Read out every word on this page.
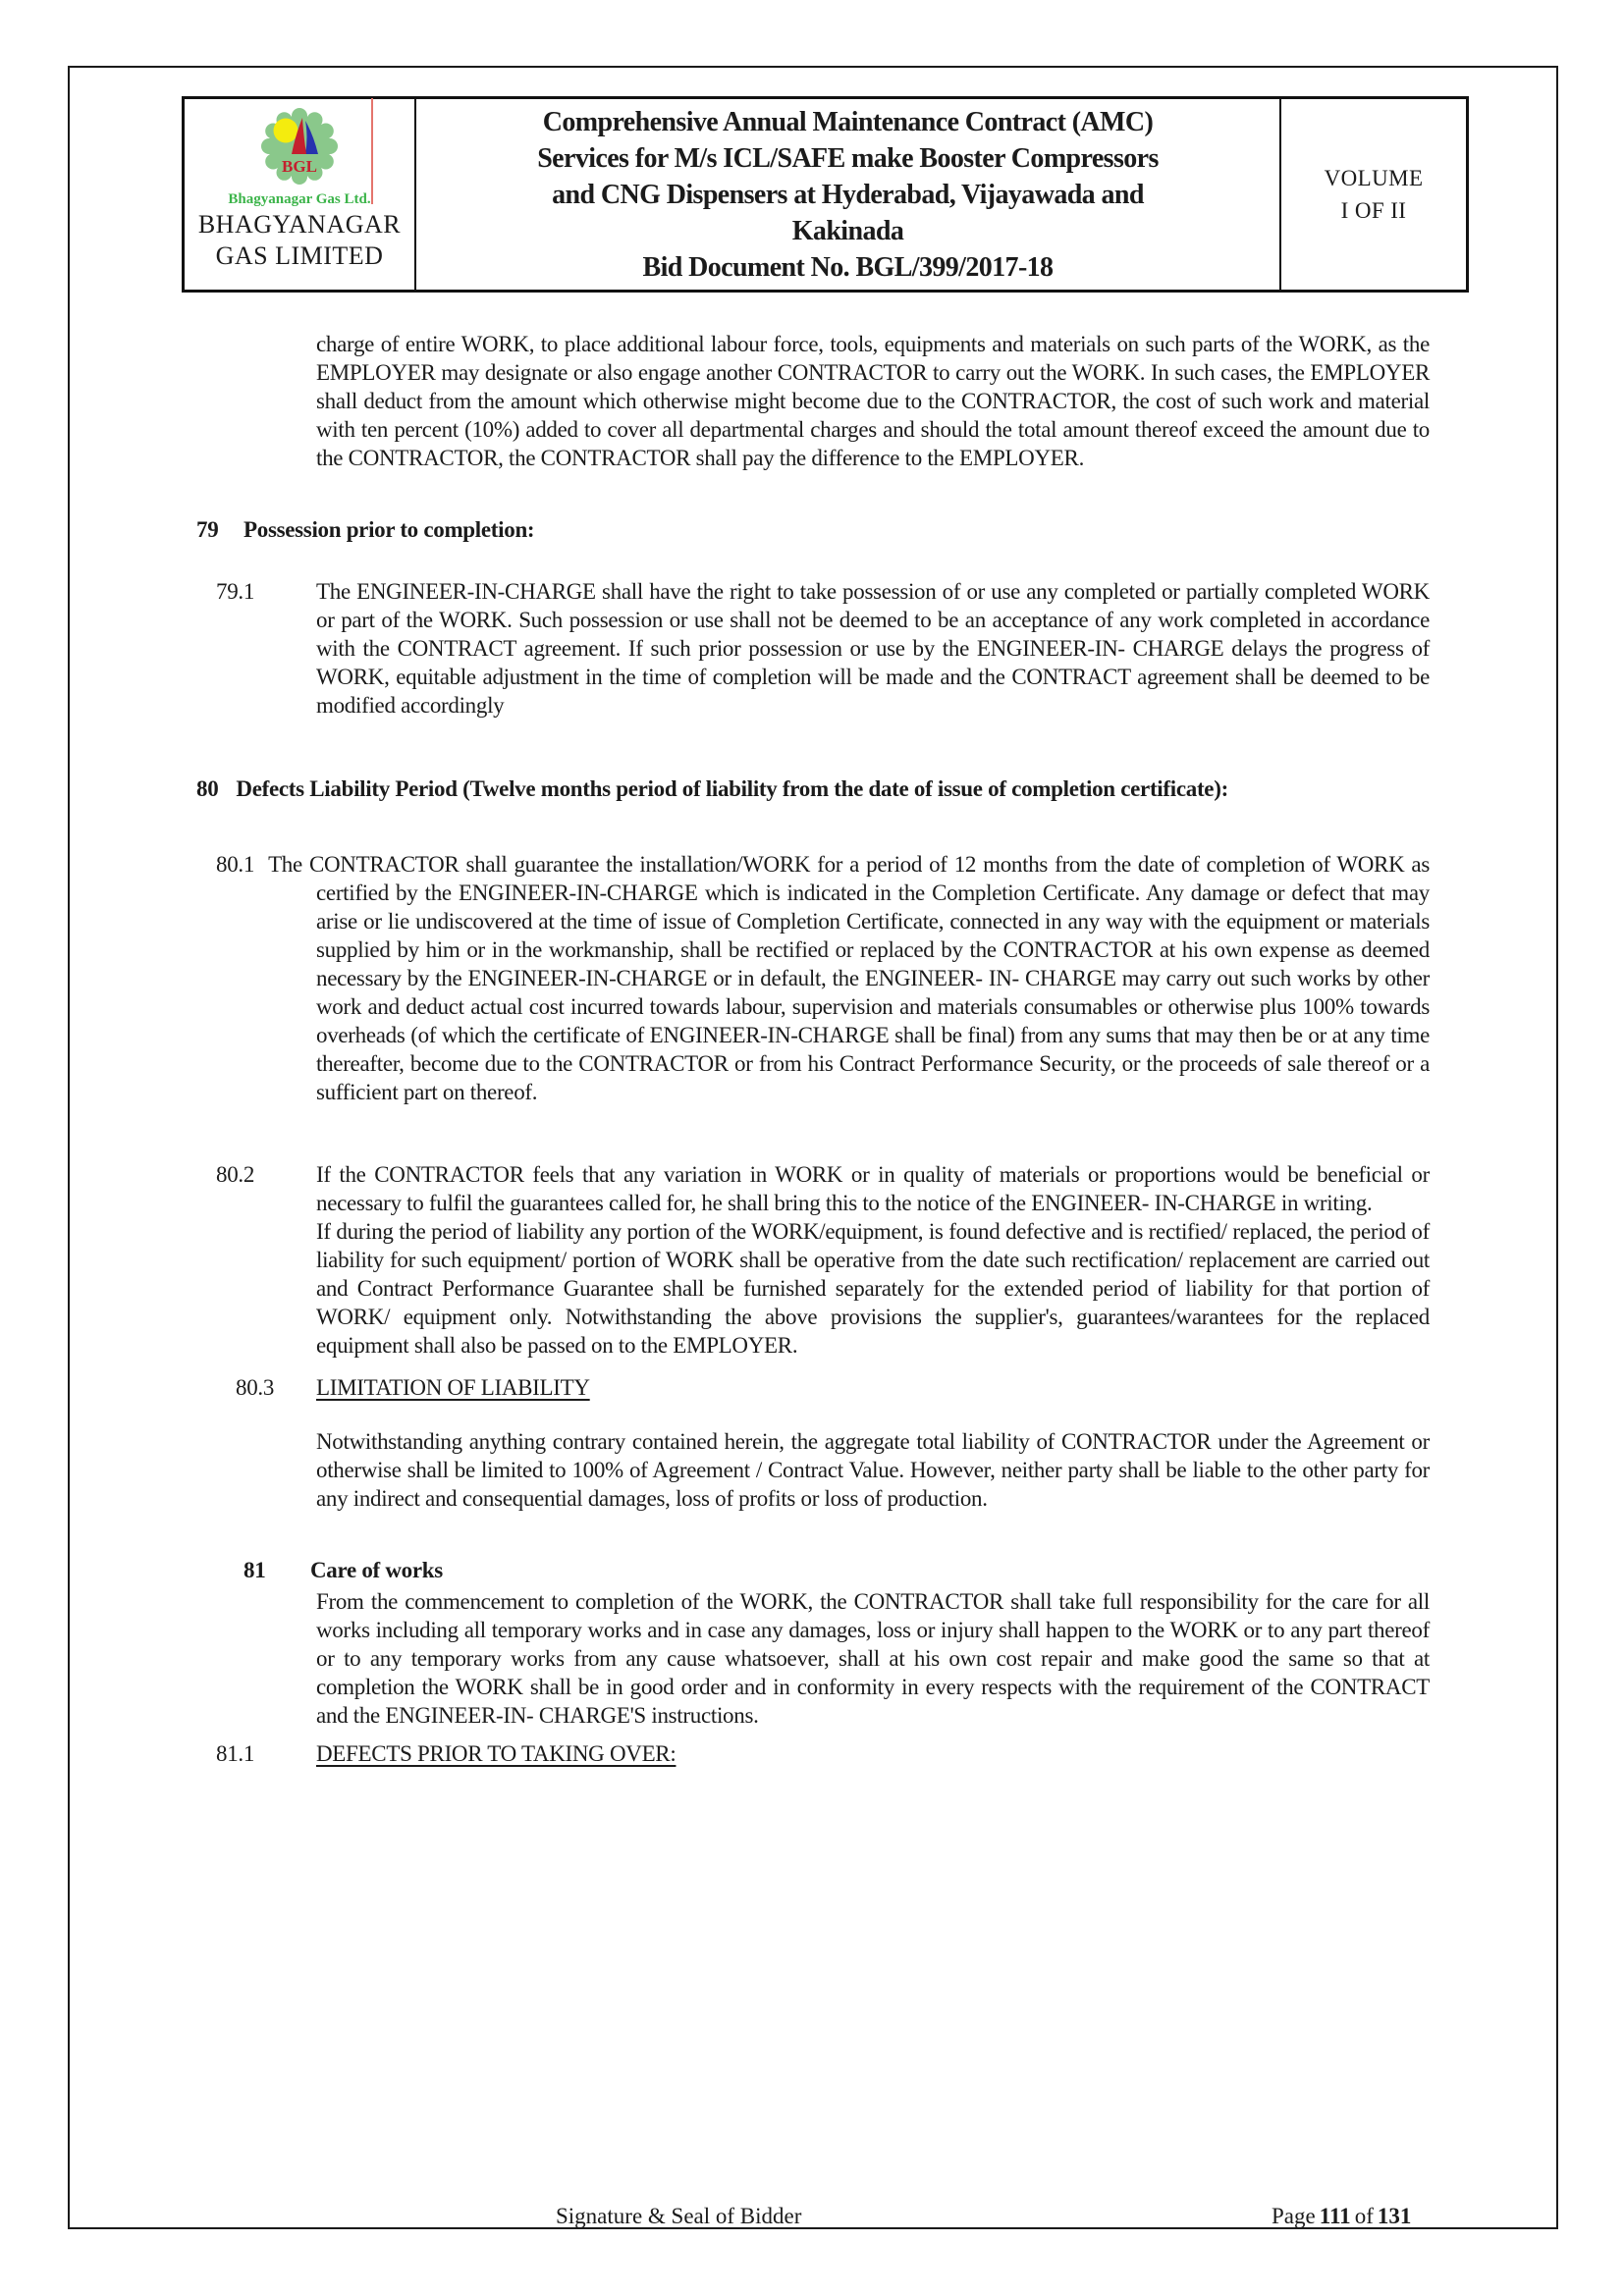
BGL
Bhagyanagar Gas Ltd.
BHAGYANAGAR
GAS LIMITED
Comprehensive Annual Maintenance Contract (AMC)
Services for M/s ICL/SAFE make Booster Compressors
and CNG Dispensers at Hyderabad, Vijayawada and
Kakinada
Bid Document No. BGL/399/2017-18
VOLUME
I OF II
charge of entire WORK, to place additional labour force, tools, equipments and materials on such parts of the WORK, as the EMPLOYER may designate or also engage another CONTRACTOR to carry out the WORK. In such cases, the EMPLOYER shall deduct from the amount which otherwise might become due to the CONTRACTOR, the cost of such work and material with ten percent (10%) added to cover all departmental charges and should the total amount thereof exceed the amount due to the CONTRACTOR, the CONTRACTOR shall pay the difference to the EMPLOYER.
79	Possession prior to completion:
79.1	The ENGINEER-IN-CHARGE shall have the right to take possession of or use any completed or partially completed WORK or part of the WORK. Such possession or use shall not be deemed to be an acceptance of any work completed in accordance with the CONTRACT agreement. If such prior possession or use by the ENGINEER-IN- CHARGE delays the progress of WORK, equitable adjustment in the time of completion will be made and the CONTRACT agreement shall be deemed to be modified accordingly
80 Defects Liability Period (Twelve months period of liability from the date of issue of completion certificate):
80.1 The CONTRACTOR shall guarantee the installation/WORK for a period of 12 months from the date of completion of WORK as certified by the ENGINEER-IN-CHARGE which is indicated in the Completion Certificate. Any damage or defect that may arise or lie undiscovered at the time of issue of Completion Certificate, connected in any way with the equipment or materials supplied by him or in the workmanship, shall be rectified or replaced by the CONTRACTOR at his own expense as deemed necessary by the ENGINEER-IN-CHARGE or in default, the ENGINEER- IN- CHARGE may carry out such works by other work and deduct actual cost incurred towards labour, supervision and materials consumables or otherwise plus 100% towards overheads (of which the certificate of ENGINEER-IN-CHARGE shall be final) from any sums that may then be or at any time thereafter, become due to the CONTRACTOR or from his Contract Performance Security, or the proceeds of sale thereof or a sufficient part on thereof.
80.2	If the CONTRACTOR feels that any variation in WORK or in quality of materials or proportions would be beneficial or necessary to fulfil the guarantees called for, he shall bring this to the notice of the ENGINEER- IN-CHARGE in writing.
If during the period of liability any portion of the WORK/equipment, is found defective and is rectified/ replaced, the period of liability for such equipment/ portion of WORK shall be operative from the date such rectification/ replacement are carried out and Contract Performance Guarantee shall be furnished separately for the extended period of liability for that portion of WORK/ equipment only. Notwithstanding the above provisions the supplier's, guarantees/warantees for the replaced equipment shall also be passed on to the EMPLOYER.
80.3	LIMITATION OF LIABILITY
Notwithstanding anything contrary contained herein, the aggregate total liability of CONTRACTOR under the Agreement or otherwise shall be limited to 100% of Agreement / Contract Value. However, neither party shall be liable to the other party for any indirect and consequential damages, loss of profits or loss of production.
81	Care of works
From the commencement to completion of the WORK, the CONTRACTOR shall take full responsibility for the care for all works including all temporary works and in case any damages, loss or injury shall happen to the WORK or to any part thereof or to any temporary works from any cause whatsoever, shall at his own cost repair and make good the same so that at completion the WORK shall be in good order and in conformity in every respects with the requirement of the CONTRACT and the ENGINEER-IN- CHARGE'S instructions.
81.1	DEFECTS PRIOR TO TAKING OVER:
Signature & Seal of Bidder	Page 111 of 131
